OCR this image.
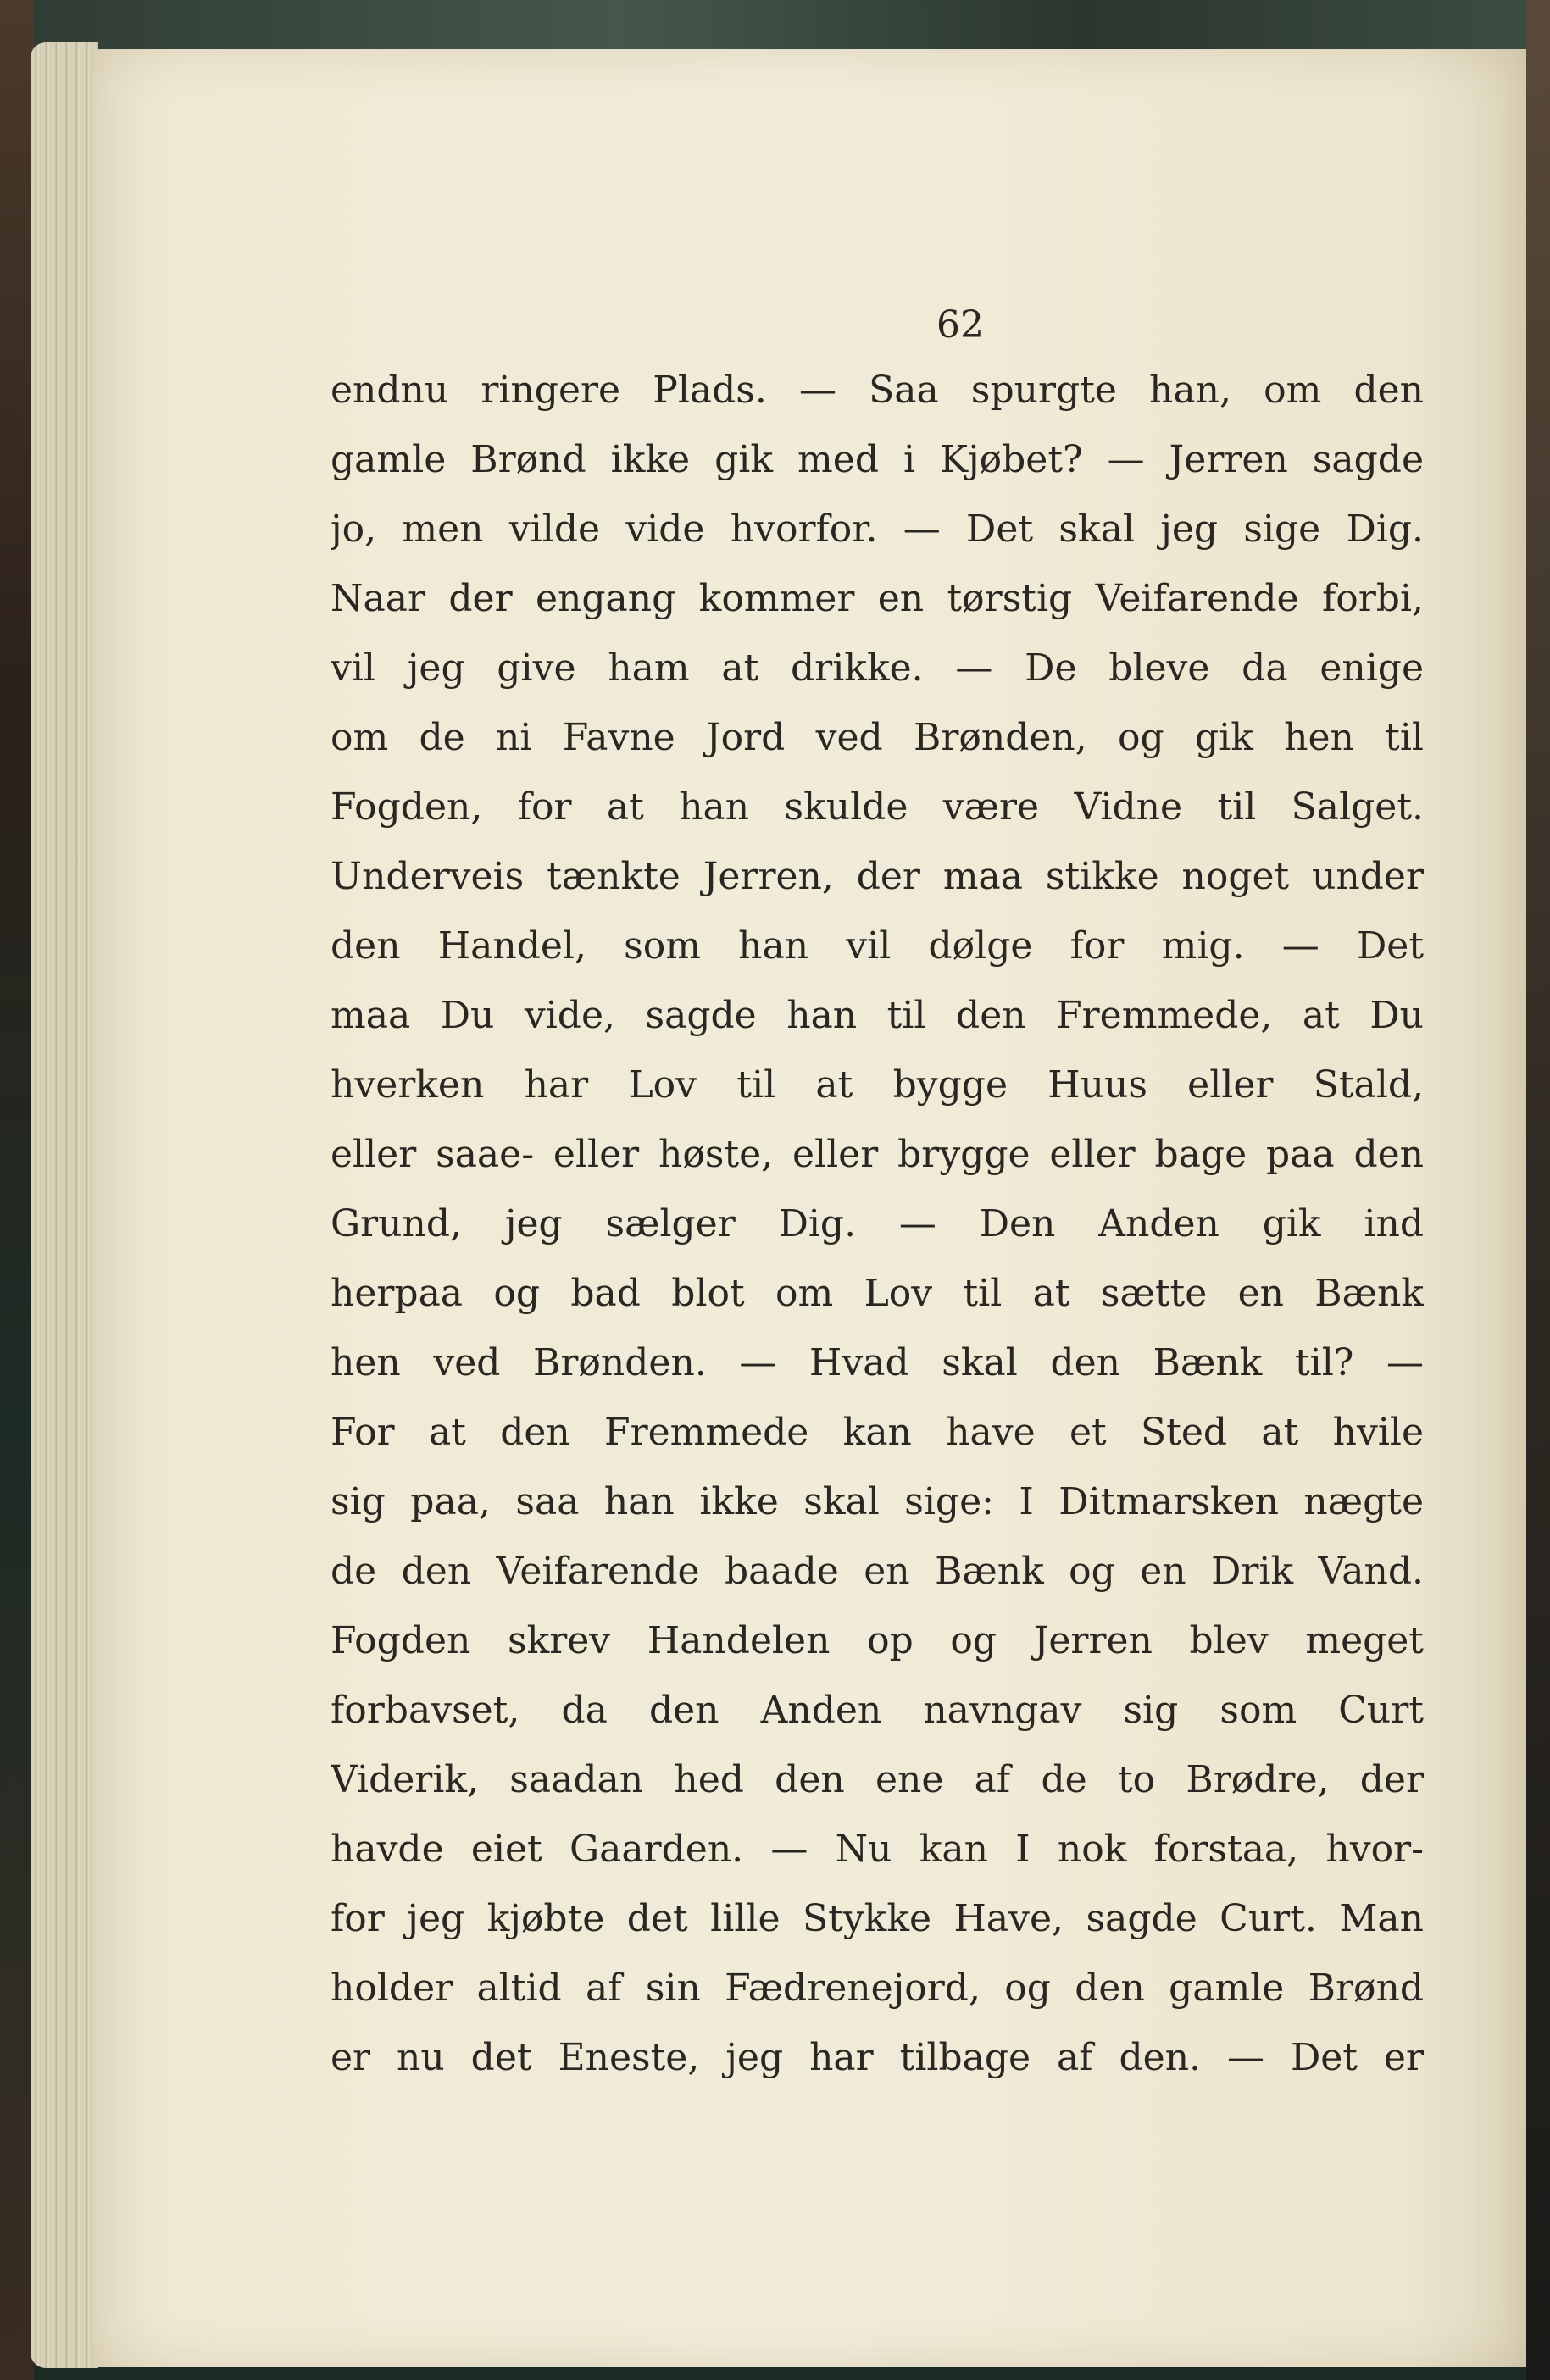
62
endnu ringere Plads. — Saa spurgte han, om den
gamle Brønd ikke gik med i Kjøbet? — Jerren sagde
jo, men vilde vide hvorfor. — Det skal jeg sige Dig.
Naar der engang kommer en tørstig Veifarende forbi,
vil jeg give ham at drikke. — De bleve da enige
om de ni Favne Jord ved Brønden, og gik hen til
Fogden, for at han skulde være Vidne til Salget.
Underveis tænkte Jerren, der maa stikke noget under
den Handel, som han vil dølge for mig. — Det
maa Du vide, sagde han til den Fremmede, at Du
hverken har Lov til at bygge Huus eller Stald,
eller saae- eller høste, eller brygge eller bage paa den
Grund, jeg sælger Dig. — Den Anden gik ind
herpaa og bad blot om Lov til at sætte en Bænk
hen ved Brønden. — Hvad skal den Bænk til? —
For at den Fremmede kan have et Sted at hvile
sig paa, saa han ikke skal sige: I Ditmarsken nægte
de den Veifarende baade en Bænk og en Drik Vand.
Fogden skrev Handelen op og Jerren blev meget
forbavset, da den Anden navngav sig som Curt
Viderik, saadan hed den ene af de to Brødre, der
havde eiet Gaarden. — Nu kan I nok forstaa, hvor-
for jeg kjøbte det lille Stykke Have, sagde Curt. Man
holder altid af sin Fædrenejord, og den gamle Brønd
er nu det Eneste, jeg har tilbage af den. — Det er
